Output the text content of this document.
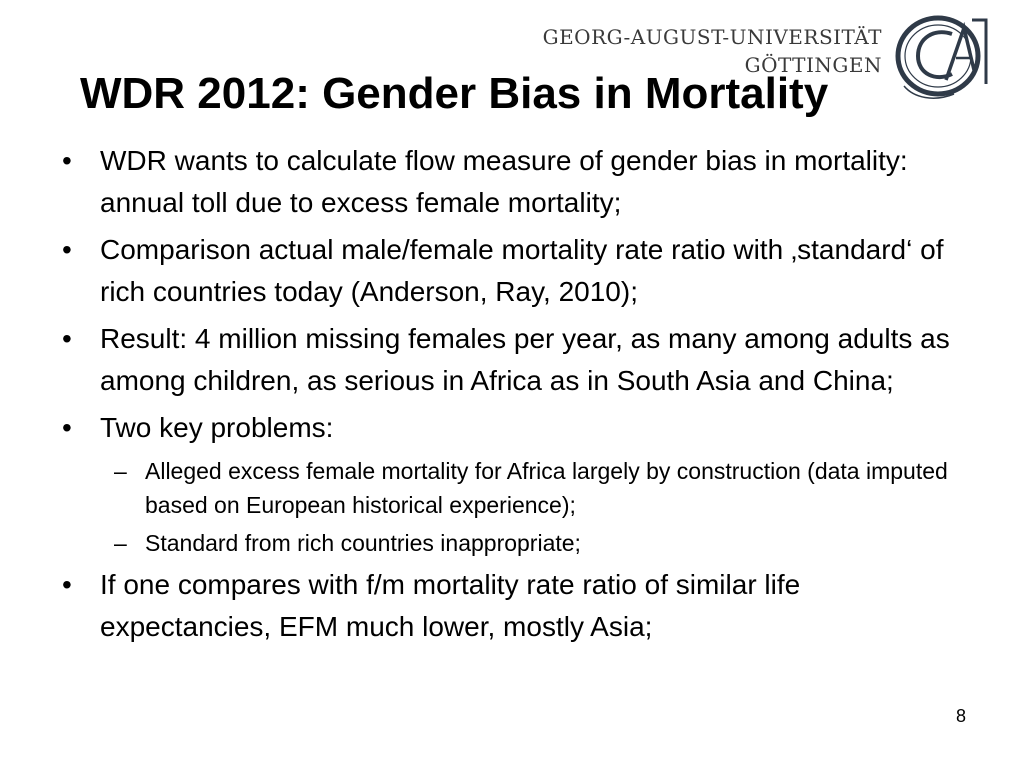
GEORG-AUGUST-UNIVERSITÄT
GÖTTINGEN
WDR 2012: Gender Bias in Mortality
• WDR wants to calculate flow measure of gender bias in mortality: annual toll due to excess female mortality;
• Comparison actual male/female mortality rate ratio with ‚standard‘ of rich countries today (Anderson, Ray, 2010);
• Result: 4 million missing females per year, as many among adults as among children, as serious in Africa as in South Asia and China;
• Two key problems:
– Alleged excess female mortality for Africa largely by construction (data imputed based on European historical experience);
– Standard from rich countries inappropriate;
• If one compares with f/m mortality rate ratio of similar life expectancies, EFM much lower, mostly Asia;
8
